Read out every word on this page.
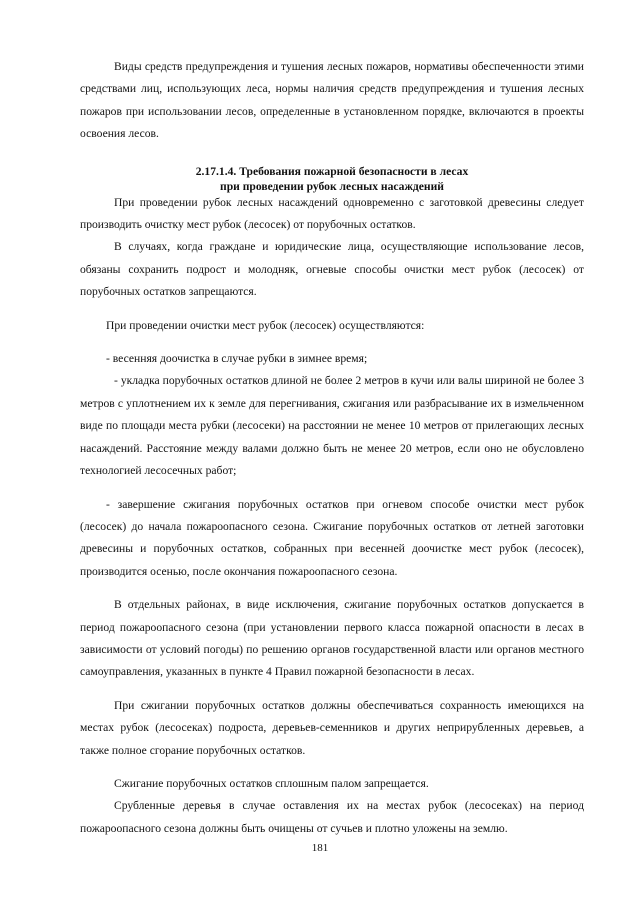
Виды средств предупреждения и тушения лесных пожаров, нормативы обеспеченности этими средствами лиц, использующих леса, нормы наличия средств предупреждения и тушения лесных пожаров при использовании лесов, определенные в установленном порядке, включаются в проекты освоения лесов.

2.17.1.4. Требования пожарной безопасности в лесах
при проведении рубок лесных насаждений

При проведении рубок лесных насаждений одновременно с заготовкой древесины следует производить очистку мест рубок (лесосек) от порубочных остатков.

В случаях, когда граждане и юридические лица, осуществляющие использование лесов, обязаны сохранить подрост и молодняк, огневые способы очистки мест рубок (лесосек) от порубочных остатков запрещаются.

При проведении очистки мест рубок (лесосек) осуществляются:

- весенняя доочистка в случае рубки в зимнее время;

- укладка порубочных остатков длиной не более 2 метров в кучи или валы шириной не более 3 метров с уплотнением их к земле для перегнивания, сжигания или разбрасывание их в измельченном виде по площади места рубки (лесосеки) на расстоянии не менее 10 метров от прилегающих лесных насаждений. Расстояние между валами должно быть не менее 20 метров, если оно не обусловлено технологией лесосечных работ;

- завершение сжигания порубочных остатков при огневом способе очистки мест рубок (лесосек) до начала пожароопасного сезона. Сжигание порубочных остатков от летней заготовки древесины и порубочных остатков, собранных при весенней доочистке мест рубок (лесосек), производится осенью, после окончания пожароопасного сезона.

В отдельных районах, в виде исключения, сжигание порубочных остатков допускается в период пожароопасного сезона (при установлении первого класса пожарной опасности в лесах в зависимости от условий погоды) по решению органов государственной власти или органов местного самоуправления, указанных в пункте 4 Правил пожарной безопасности в лесах.

При сжигании порубочных остатков должны обеспечиваться сохранность имеющихся на местах рубок (лесосеках) подроста, деревьев-семенников и других неприрубленных деревьев, а также полное сгорание порубочных остатков.

Сжигание порубочных остатков сплошным палом запрещается.

Срубленные деревья в случае оставления их на местах рубок (лесосеках) на период пожароопасного сезона должны быть очищены от сучьев и плотно уложены на землю.

181
